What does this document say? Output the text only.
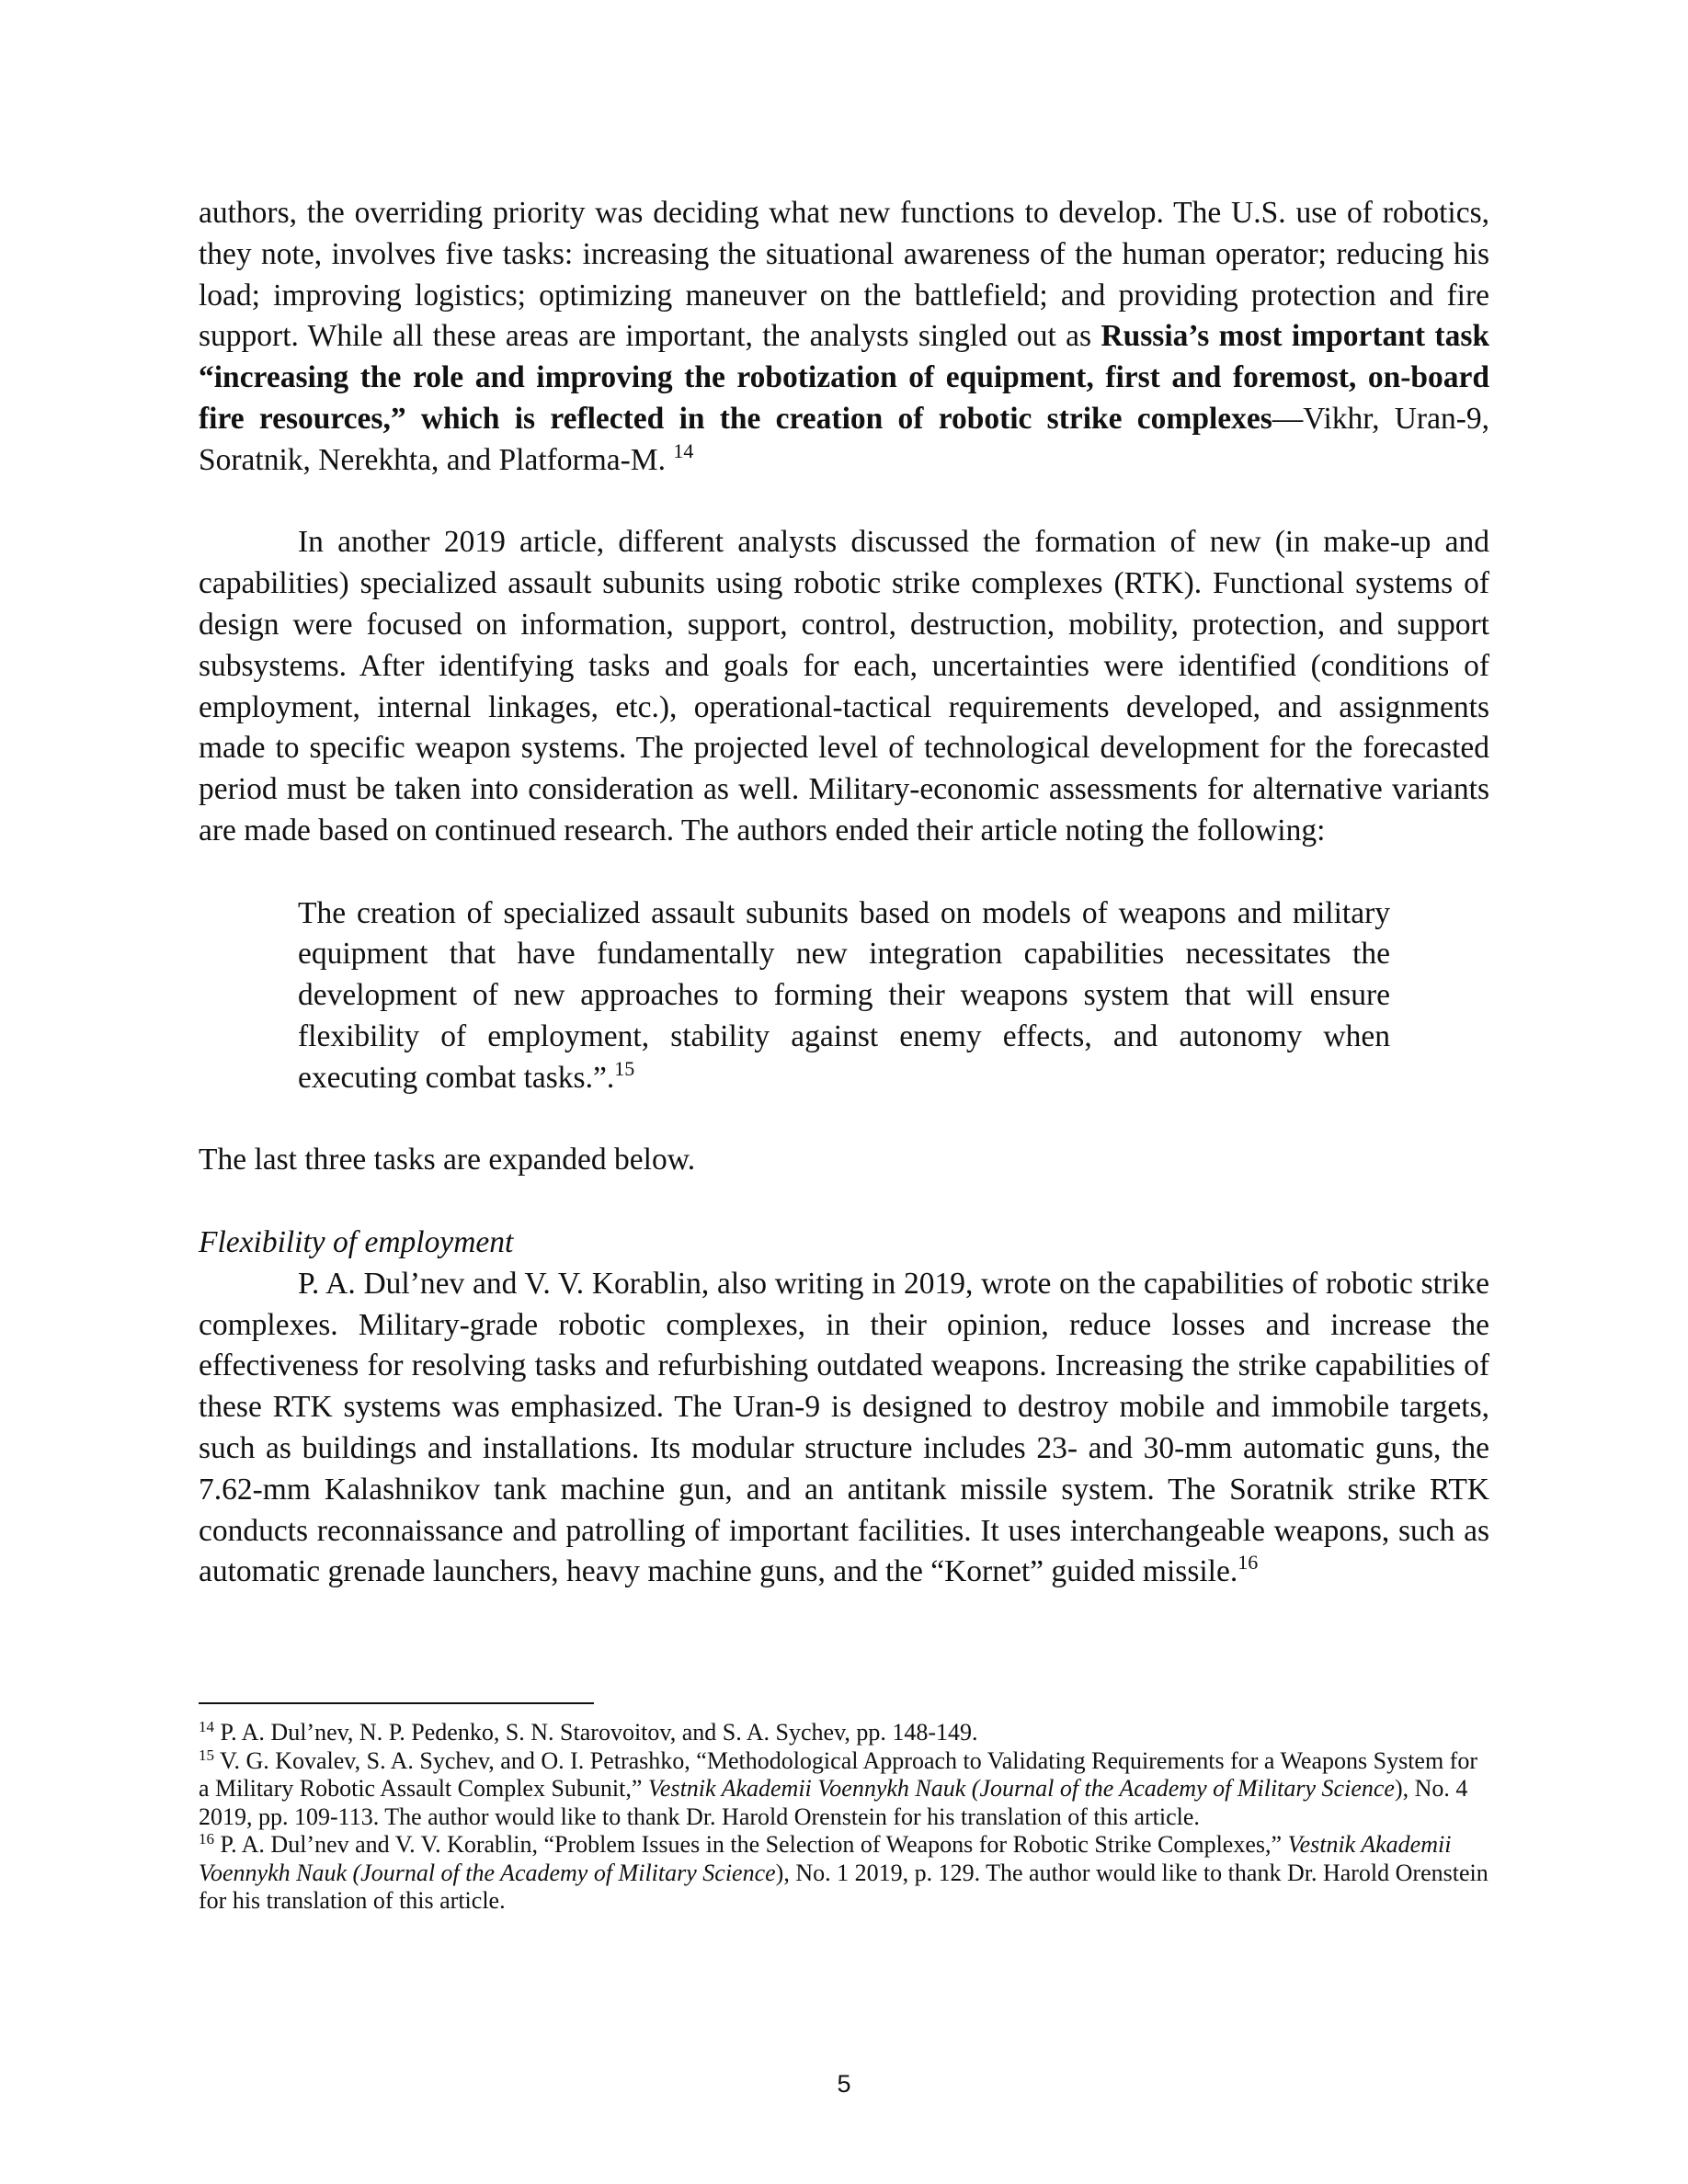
authors, the overriding priority was deciding what new functions to develop. The U.S. use of robotics, they note, involves five tasks: increasing the situational awareness of the human operator; reducing his load; improving logistics; optimizing maneuver on the battlefield; and providing protection and fire support. While all these areas are important, the analysts singled out as Russia’s most important task “increasing the role and improving the robotization of equipment, first and foremost, on-board fire resources,” which is reflected in the creation of robotic strike complexes—Vikhr, Uran-9, Soratnik, Nerekhta, and Platforma-M. $^{14}$

In another 2019 article, different analysts discussed the formation of new (in make-up and capabilities) specialized assault subunits using robotic strike complexes (RTK). Functional systems of design were focused on information, support, control, destruction, mobility, protection, and support subsystems. After identifying tasks and goals for each, uncertainties were identified (conditions of employment, internal linkages, etc.), operational-tactical requirements developed, and assignments made to specific weapon systems. The projected level of technological development for the forecasted period must be taken into consideration as well. Military-economic assessments for alternative variants are made based on continued research. The authors ended their article noting the following:

The creation of specialized assault subunits based on models of weapons and military equipment that have fundamentally new integration capabilities necessitates the development of new approaches to forming their weapons system that will ensure flexibility of employment, stability against enemy effects, and autonomy when executing combat tasks.”.$^{15}$

The last three tasks are expanded below.

Flexibility of employment

P. A. Dul’nev and V. V. Korablin, also writing in 2019, wrote on the capabilities of robotic strike complexes. Military-grade robotic complexes, in their opinion, reduce losses and increase the effectiveness for resolving tasks and refurbishing outdated weapons. Increasing the strike capabilities of these RTK systems was emphasized. The Uran-9 is designed to destroy mobile and immobile targets, such as buildings and installations. Its modular structure includes 23- and 30-mm automatic guns, the 7.62-mm Kalashnikov tank machine gun, and an antitank missile system. The Soratnik strike RTK conducts reconnaissance and patrolling of important facilities. It uses interchangeable weapons, such as automatic grenade launchers, heavy machine guns, and the “Kornet” guided missile.$^{16}$

$^{14}$ P. A. Dul’nev, N. P. Pedenko, S. N. Starovoitov, and S. A. Sychev, pp. 148-149.

$^{15}$ V. G. Kovalev, S. A. Sychev, and O. I. Petrashko, “Methodological Approach to Validating Requirements for a Weapons System for a Military Robotic Assault Complex Subunit,” Vestnik Akademii Voennykh Nauk (Journal of the Academy of Military Science), No. 4 2019, pp. 109-113. The author would like to thank Dr. Harold Orenstein for his translation of this article.

$^{16}$ P. A. Dul’nev and V. V. Korablin, “Problem Issues in the Selection of Weapons for Robotic Strike Complexes,” Vestnik Akademii Voennykh Nauk (Journal of the Academy of Military Science), No. 1 2019, p. 129. The author would like to thank Dr. Harold Orenstein for his translation of this article.

5
